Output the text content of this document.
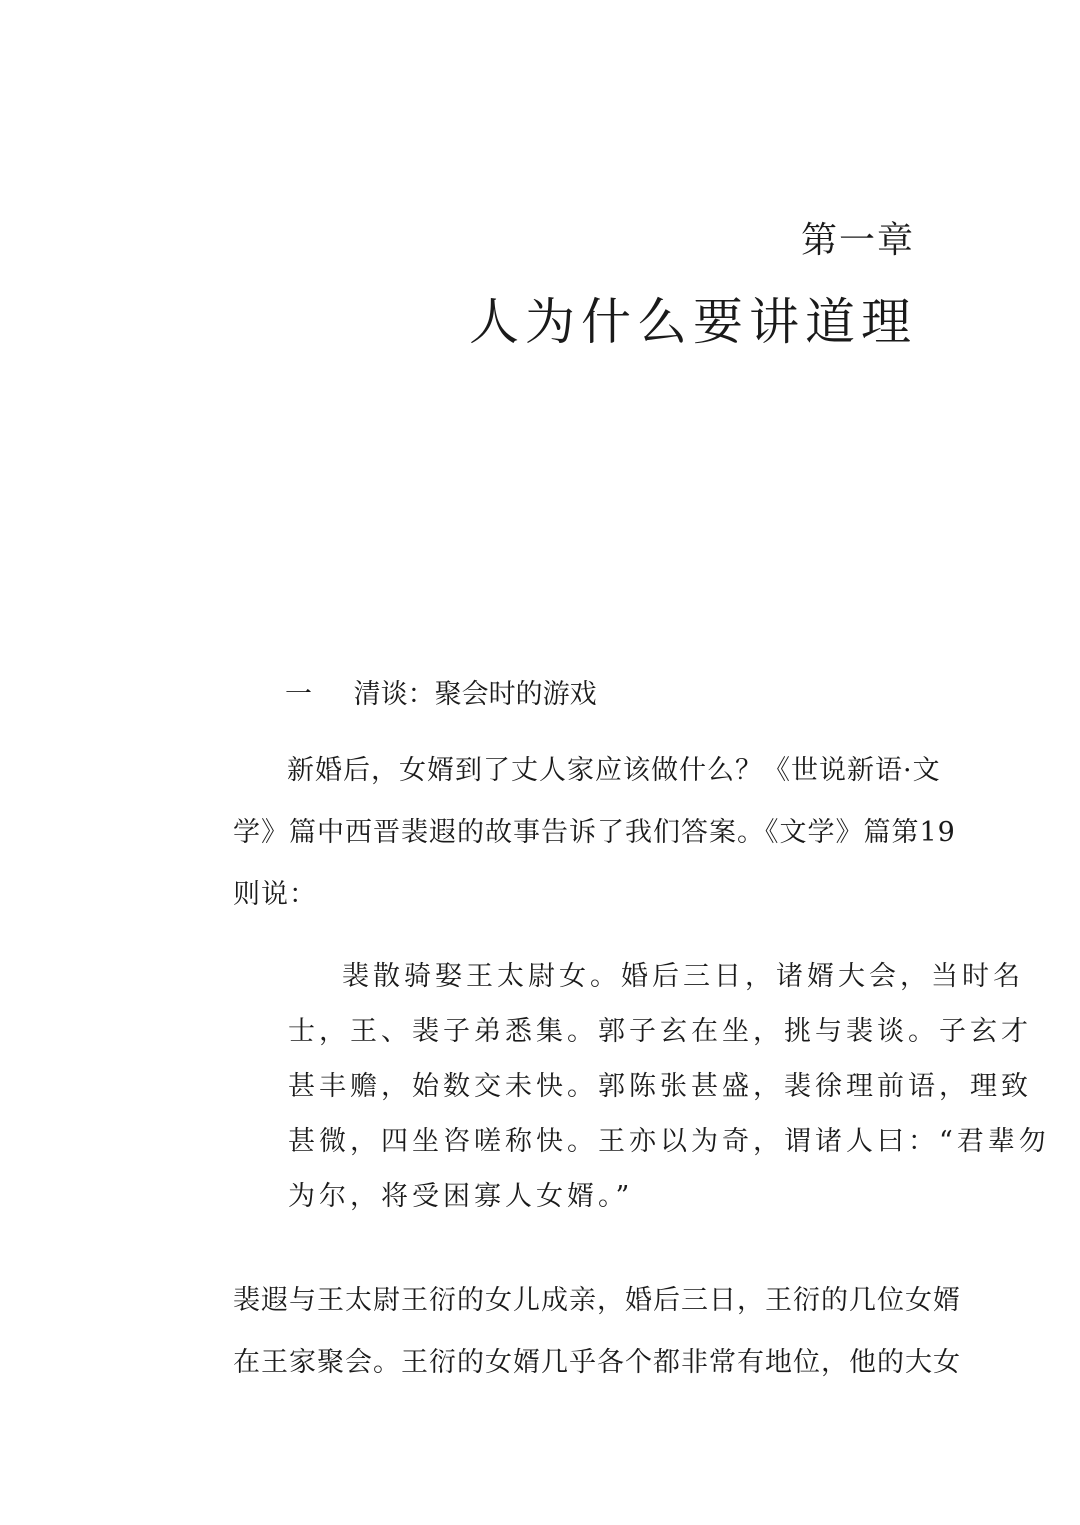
第一章
人为什么要讲道理
一 清谈：聚会时的游戏
新婚后，女婿到了丈人家应该做什么？《世说新语·文
学》篇中西晋裴遐的故事告诉了我们答案。《文学》篇第19
则说：
裴散骑娶王太尉女。婚后三日，诸婿大会，当时名
士，王、裴子弟悉集。郭子玄在坐，挑与裴谈。子玄才
甚丰赡，始数交未快。郭陈张甚盛，裴徐理前语，理致
甚微，四坐咨嗟称快。王亦以为奇，谓诸人曰：“君辈勿
为尔，将受困寡人女婿。”
裴遐与王太尉王衍的女儿成亲，婚后三日，王衍的几位女婿
在王家聚会。王衍的女婿几乎各个都非常有地位，他的大女
